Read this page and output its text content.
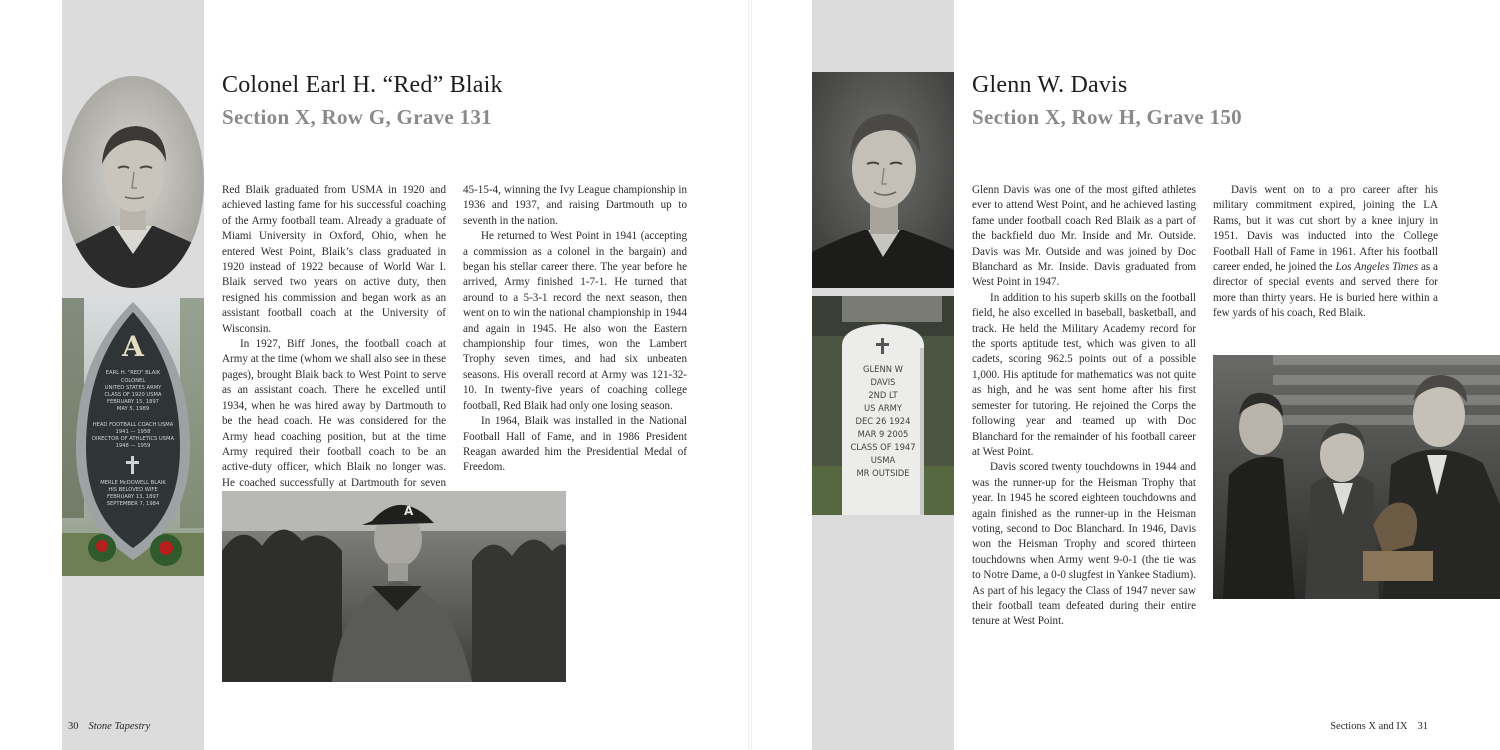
A
EARL H. "RED" BLAIK
COLONEL
UNITED STATES ARMY
CLASS OF 1920 USMA
FEBRUARY 15, 1897
MAY 5, 1989
HEAD FOOTBALL COACH USMA
1941 — 1958
DIRECTOR OF ATHLETICS USMA
1948 — 1959
MERLE McDOWELL BLAIK
HIS BELOVED WIFE
FEBRUARY 13, 1897
SEPTEMBER 7, 1984
Colonel Earl H. “Red” Blaik
Section X, Row G, Grave 131

Red Blaik graduated from USMA in 1920 and achieved lasting fame for his successful coaching of the Army football team. Already a graduate of Miami University in Oxford, Ohio, when he entered West Point, Blaik’s class graduated in 1920 instead of 1922 because of World War I. Blaik served two years on active duty, then resigned his commission and began work as an assistant football coach at the University of Wisconsin.

In 1927, Biff Jones, the football coach at Army at the time (whom we shall also see in these pages), brought Blaik back to West Point to serve as an assistant coach. There he excelled until 1934, when he was hired away by Dartmouth to be the head coach. He was considered for the Army head coaching position, but at the time Army required their football coach to be an active-duty officer, which Blaik no longer was. He coached successfully at Dartmouth for seven

45-15-4, winning the Ivy League championship in 1936 and 1937, and raising Dartmouth up to seventh in the nation.

He returned to West Point in 1941 (accepting a commission as a colonel in the bargain) and began his stellar career there. The year before he arrived, Army finished 1-7-1. He turned that around to a 5-3-1 record the next season, then went on to win the national championship in 1944 and again in 1945. He also won the Eastern championship four times, won the Lambert Trophy seven times, and had six unbeaten seasons. His overall record at Army was 121-32-10. In twenty-five years of coaching college football, Red Blaik had only one losing season.

In 1964, Blaik was installed in the National Football Hall of Fame, and in 1986 President Reagan awarded him the Presidential Medal of Freedom.

A
30 Stone Tapestry
GLENN W
DAVIS
2ND LT
US ARMY
DEC 26 1924
MAR 9 2005
CLASS OF 1947
USMA
MR OUTSIDE
Glenn W. Davis
Section X, Row H, Grave 150

Glenn Davis was one of the most gifted athletes ever to attend West Point, and he achieved lasting fame under football coach Red Blaik as a part of the backfield duo Mr. Inside and Mr. Outside. Davis was Mr. Outside and was joined by Doc Blanchard as Mr. Inside. Davis graduated from West Point in 1947.

In addition to his superb skills on the football field, he also excelled in baseball, basketball, and track. He held the Military Academy record for the sports aptitude test, which was given to all cadets, scoring 962.5 points out of a possible 1,000. His aptitude for mathematics was not quite as high, and he was sent home after his first semester for tutoring. He rejoined the Corps the following year and teamed up with Doc Blanchard for the remainder of his football career at West Point.

Davis scored twenty touchdowns in 1944 and was the runner-up for the Heisman Trophy that year. In 1945 he scored eighteen touchdowns and again finished as the runner-up in the Heisman voting, second to Doc Blanchard. In 1946, Davis won the Heisman Trophy and scored thirteen touchdowns when Army went 9-0-1 (the tie was to Notre Dame, a 0-0 slugfest in Yankee Stadium). As part of his legacy the Class of 1947 never saw their football team defeated during their entire tenure at West Point.

Davis went on to a pro career after his military commitment expired, joining the LA Rams, but it was cut short by a knee injury in 1951. Davis was inducted into the College Football Hall of Fame in 1961. After his football career ended, he joined the Los Angeles Times as a director of special events and served there for more than thirty years. He is buried here within a few yards of his coach, Red Blaik.

Sections X and IX 31
